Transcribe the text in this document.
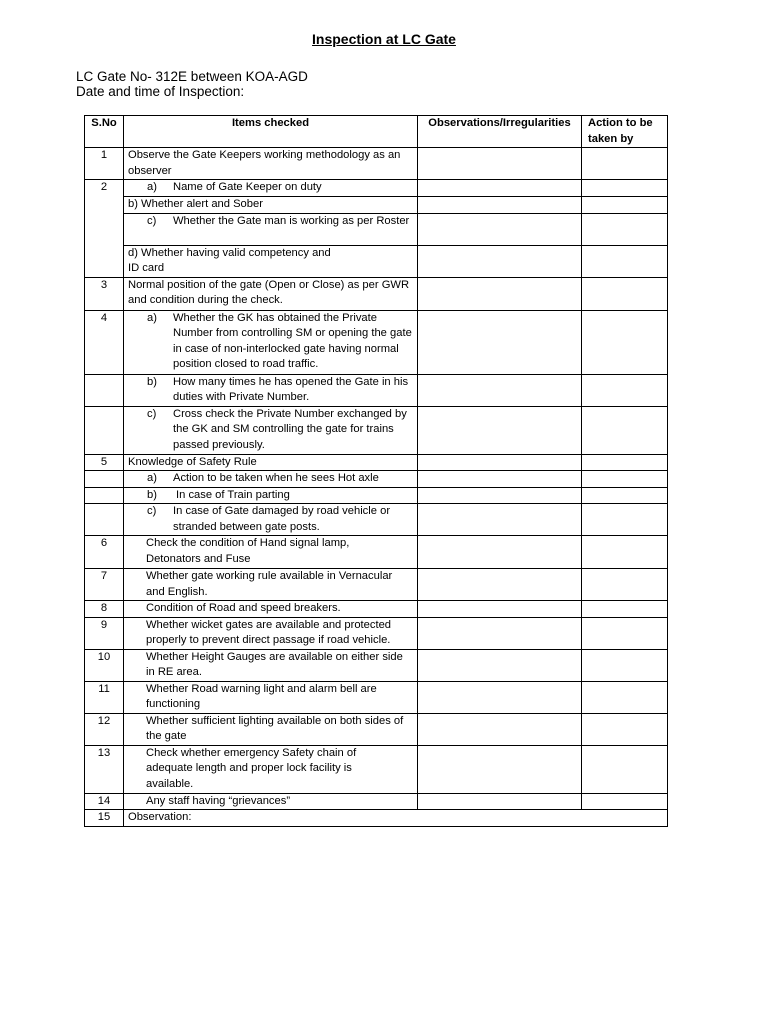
Inspection at LC Gate
LC Gate No- 312E between KOA-AGD
Date and time of Inspection:
S.No	Items checked	Observations/Irregularities	Action to be taken by
1	Observe the Gate Keepers working methodology as an observer		
2	a) Name of Gate Keeper on duty		
	b) Whether alert and Sober		

	c) Whether the Gate man is working as per Roster		

	d) Whether having valid competency and ID card		

3	Normal position of the gate (Open or Close) as per GWR and condition during the check.		
4	a) Whether the GK has obtained the Private Number from controlling SM or opening the gate in case of non-interlocked gate having normal position closed to road traffic.		

	b) How many times he has opened the Gate in his duties with Private Number.		

	c) Cross check the Private Number exchanged by the GK and SM controlling the gate for trains passed previously.		

5	Knowledge of Safety Rule		
	a) Action to be taken when he sees Hot axle		
	b) In case of Train parting		

	c) In case of Gate damaged by road vehicle or stranded between gate posts.		

6	Check the condition of Hand signal lamp, Detonators and Fuse		

7	Whether gate working rule available in Vernacular and English.		
8	Condition of Road and speed breakers.		
9	Whether wicket gates are available and protected properly to prevent direct passage if road vehicle.		
10	Whether Height Gauges are available on either side in RE area.		
11	Whether Road warning light and alarm bell are functioning		
12	Whether sufficient lighting available on both sides of the gate		
13	Check whether emergency Safety chain of adequate length and proper lock facility is available.		

14	Any staff having “grievances”		
15	Observation:		
